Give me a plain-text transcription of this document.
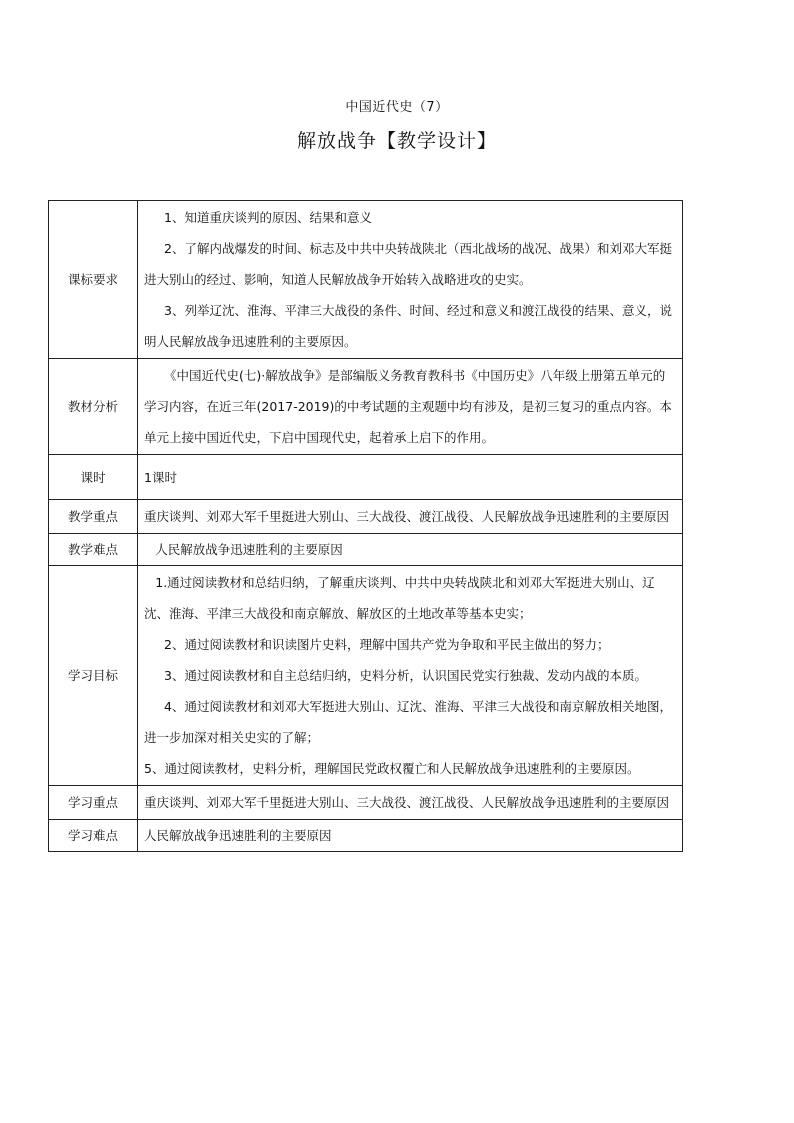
中国近代史（7）
解放战争【教学设计】
课标要求	1、知道重庆谈判的原因、结果和意义
2、了解内战爆发的时间、标志及中共中央转战陕北（西北战场的战况、战果）和刘邓大军挺进大别山的经过、影响，知道人民解放战争开始转入战略进攻的史实。
3、列举辽沈、淮海、平津三大战役的条件、时间、经过和意义和渡江战役的结果、意义，说明人民解放战争迅速胜利的主要原因。

教材分析	《中国近代史(七)·解放战争》是部编版义务教育教科书《中国历史》八年级上册第五单元的学习内容，在近三年(2017-2019)的中考试题的主观题中均有涉及，是初三复习的重点内容。本单元上接中国近代史，下启中国现代史，起着承上启下的作用。

课时	1课时

教学重点	重庆谈判、刘邓大军千里挺进大别山、三大战役、渡江战役、人民解放战争迅速胜利的主要原因

教学难点	人民解放战争迅速胜利的主要原因

学习目标	1.通过阅读教材和总结归纳，了解重庆谈判、中共中央转战陕北和刘邓大军挺进大别山、辽沈、淮海、平津三大战役和南京解放、解放区的土地改革等基本史实；
2、通过阅读教材和识读图片史料，理解中国共产党为争取和平民主做出的努力；
3、通过阅读教材和自主总结归纳，史料分析，认识国民党实行独裁、发动内战的本质。
4、通过阅读教材和刘邓大军挺进大别山、辽沈、淮海、平津三大战役和南京解放相关地图，进一步加深对相关史实的了解；
5、通过阅读教材，史料分析，理解国民党政权覆亡和人民解放战争迅速胜利的主要原因。

学习重点	重庆谈判、刘邓大军千里挺进大别山、三大战役、渡江战役、人民解放战争迅速胜利的主要原因

学习难点	人民解放战争迅速胜利的主要原因
